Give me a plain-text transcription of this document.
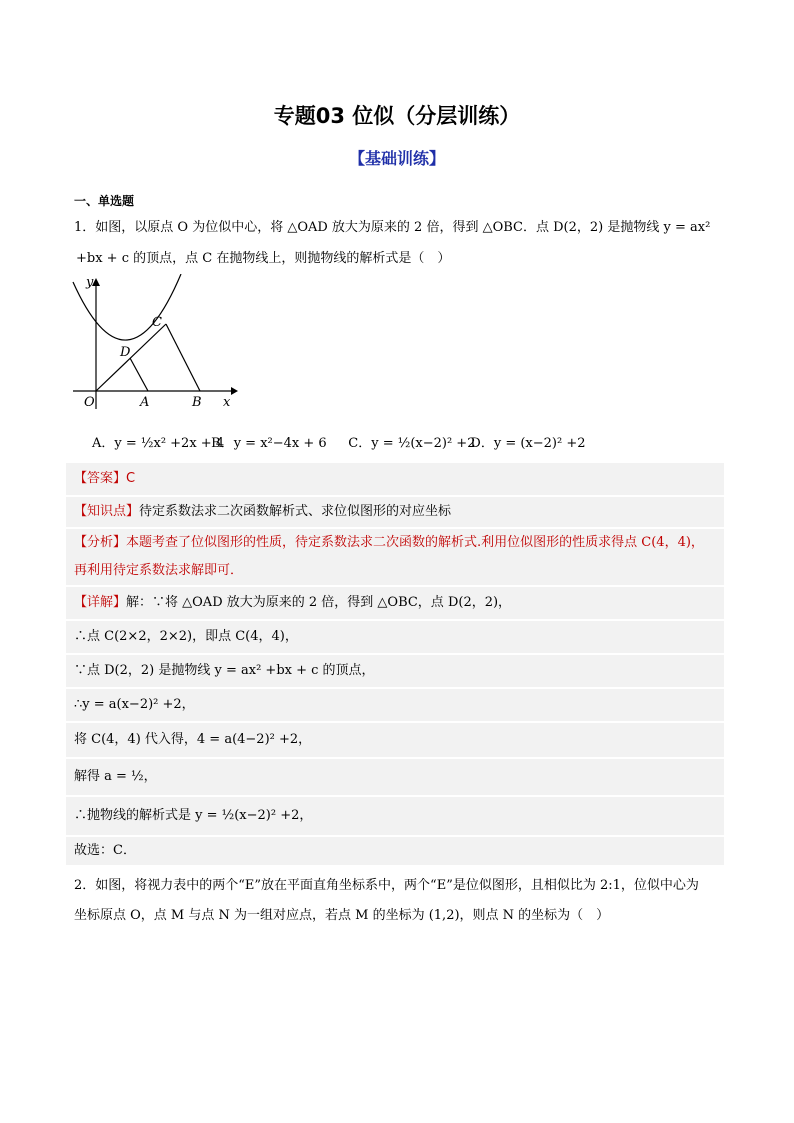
专题03 位似（分层训练）
【基础训练】
一、单选题
1．如图，以原点 O 为位似中心，将 △OAD 放大为原来的 2 倍，得到 △OBC．点 D(2，2) 是抛物线 y = ax²
+bx + c 的顶点，点 C 在抛物线上，则抛物线的解析式是（　）
y
x
O	A	B
C
D
A．y = ½x² +2x + 4 B．y = x²−4x + 6 C．y = ½(x−2)² +2 D．y = (x−2)² +2
【答案】C
【知识点】待定系数法求二次函数解析式、求位似图形的对应坐标
【分析】本题考查了位似图形的性质，待定系数法求二次函数的解析式.利用位似图形的性质求得点 C(4，4)，
再利用待定系数法求解即可．
【详解】解：∵将 △OAD 放大为原来的 2 倍，得到 △OBC，点 D(2，2)，
∴点 C(2×2，2×2)，即点 C(4，4)，
∵点 D(2，2) 是抛物线 y = ax² +bx + c 的顶点，
∴y = a(x−2)² +2，
将 C(4，4) 代入得，4 = a(4−2)² +2，
解得 a = ½，
∴抛物线的解析式是 y = ½(x−2)² +2，
故选：C．
2．如图，将视力表中的两个“E”放在平面直角坐标系中，两个“E”是位似图形，且相似比为 2:1，位似中心为
坐标原点 O，点 M 与点 N 为一组对应点，若点 M 的坐标为 (1,2)，则点 N 的坐标为（　）
